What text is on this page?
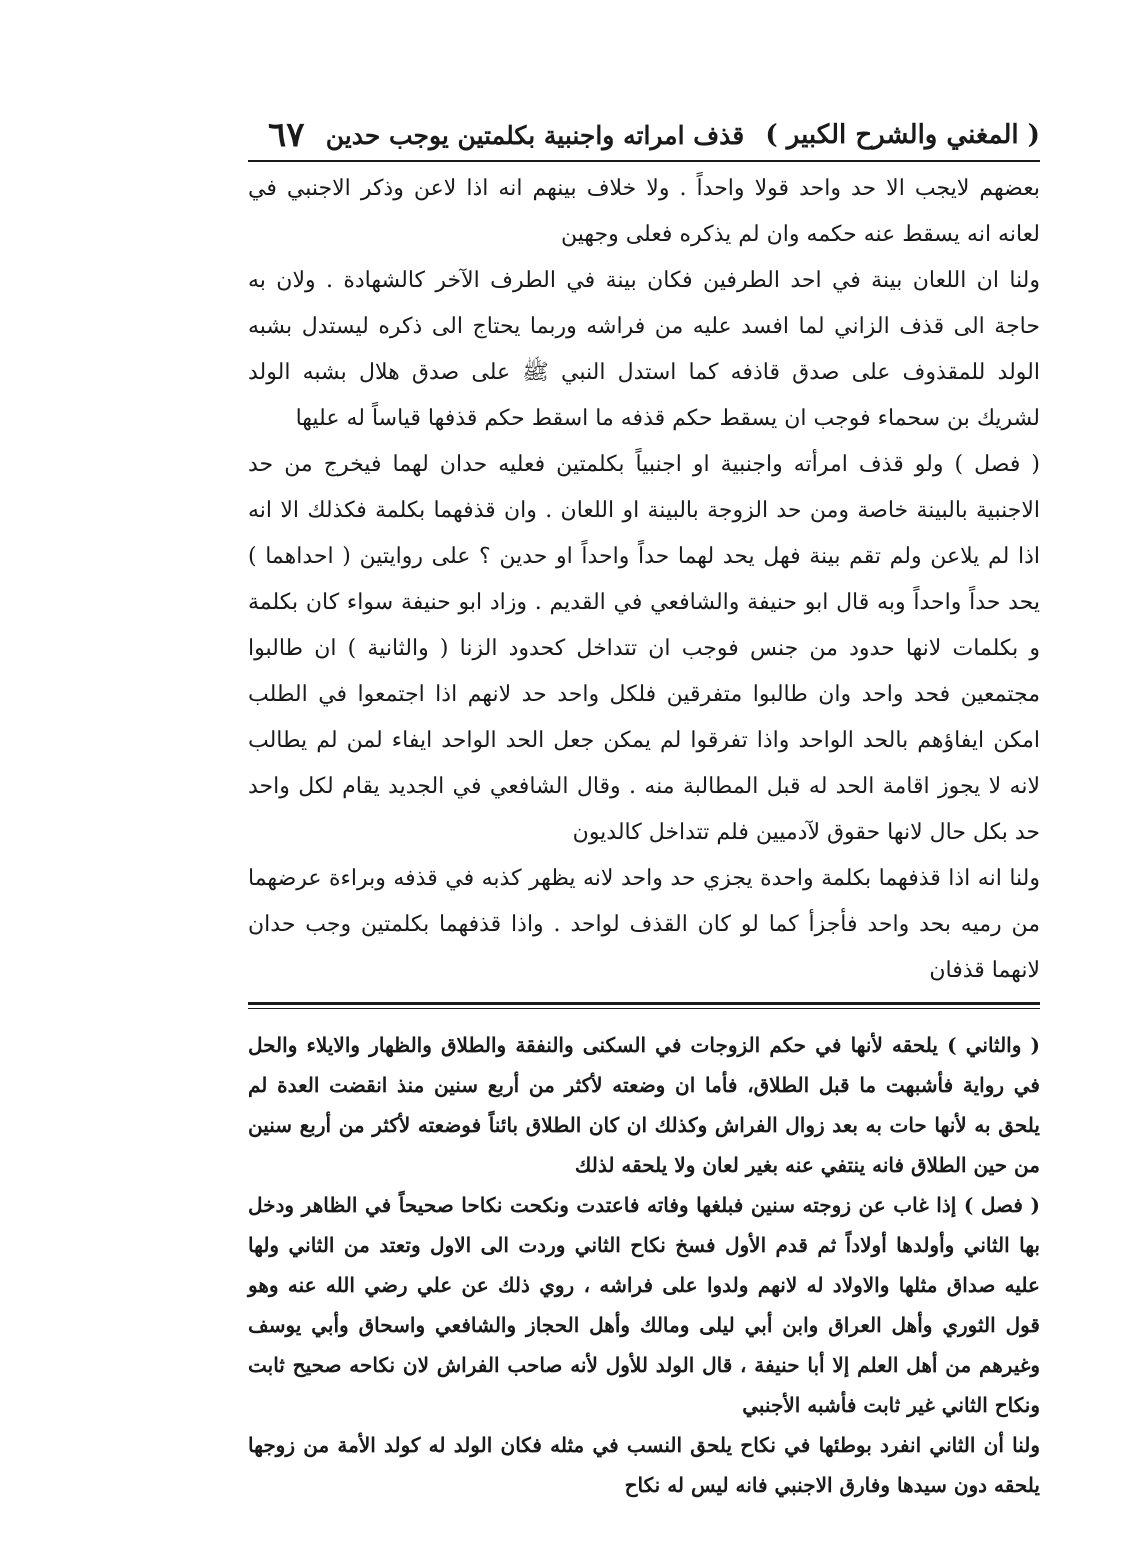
( المغني والشرح الكبير )
قذف امراته واجنبية بكلمتين يوجب حدين
٦٧

بعضهم لايجب الا حد واحد قولا واحداً . ولا خلاف بينهم انه اذا لاعن وذكر الاجنبي في لعانه انه يسقط عنه حكمه وان لم يذكره فعلى وجهين

ولنا ان اللعان بينة في احد الطرفين فكان بينة في الطرف الآخر كالشهادة . ولان به حاجة الى قذف الزاني لما افسد عليه من فراشه وربما يحتاج الى ذكره ليستدل بشبه الولد للمقذوف على صدق قاذفه كما استدل النبي ﷺ على صدق هلال بشبه الولد لشريك بن سحماء فوجب ان يسقط حكم قذفه ما اسقط حكم قذفها قياساً له عليها

( فصل ) ولو قذف امرأته واجنبية او اجنبياً بكلمتين فعليه حدان لهما فيخرج من حد الاجنبية بالبينة خاصة ومن حد الزوجة بالبينة او اللعان . وان قذفهما بكلمة فكذلك الا انه اذا لم يلاعن ولم تقم بينة فهل يحد لهما حداً واحداً او حدين ؟ على روايتين ( احداهما ) يحد حداً واحداً وبه قال ابو حنيفة والشافعي في القديم . وزاد ابو حنيفة سواء كان بكلمة و بكلمات لانها حدود من جنس فوجب ان تتداخل كحدود الزنا ( والثانية ) ان طالبوا مجتمعين فحد واحد وان طالبوا متفرقين فلكل واحد حد لانهم اذا اجتمعوا في الطلب امكن ايفاؤهم بالحد الواحد واذا تفرقوا لم يمكن جعل الحد الواحد ايفاء لمن لم يطالب لانه لا يجوز اقامة الحد له قبل المطالبة منه . وقال الشافعي في الجديد يقام لكل واحد حد بكل حال لانها حقوق لآدميين فلم تتداخل كالديون

ولنا انه اذا قذفهما بكلمة واحدة يجزي حد واحد لانه يظهر كذبه في قذفه وبراءة عرضهما من رميه بحد واحد فأجزأ كما لو كان القذف لواحد . واذا قذفهما بكلمتين وجب حدان لانهما قذفان

( والثاني ) يلحقه لأنها في حكم الزوجات في السكنى والنفقة والطلاق والظهار والايلاء والحل في رواية فأشبهت ما قبل الطلاق، فأما ان وضعته لأكثر من أربع سنين منذ انقضت العدة لم يلحق به لأنها حات به بعد زوال الفراش وكذلك ان كان الطلاق بائناً فوضعته لأكثر من أربع سنين من حين الطلاق فانه ينتفي عنه بغير لعان ولا يلحقه لذلك

( فصل ) إذا غاب عن زوجته سنين فبلغها وفاته فاعتدت ونكحت نكاحا صحيحاً في الظاهر ودخل بها الثاني وأولدها أولاداً ثم قدم الأول فسخ نكاح الثاني وردت الى الاول وتعتد من الثاني ولها عليه صداق مثلها والاولاد له لانهم ولدوا على فراشه ، روي ذلك عن علي رضي الله عنه وهو قول الثوري وأهل العراق وابن أبي ليلى ومالك وأهل الحجاز والشافعي واسحاق وأبي يوسف وغيرهم من أهل العلم إلا أبا حنيفة ، قال الولد للأول لأنه صاحب الفراش لان نكاحه صحيح ثابت ونكاح الثاني غير ثابت فأشبه الأجنبي

ولنا أن الثاني انفرد بوطئها في نكاح يلحق النسب في مثله فكان الولد له كولد الأمة من زوجها يلحقه دون سيدها وفارق الاجنبي فانه ليس له نكاح
